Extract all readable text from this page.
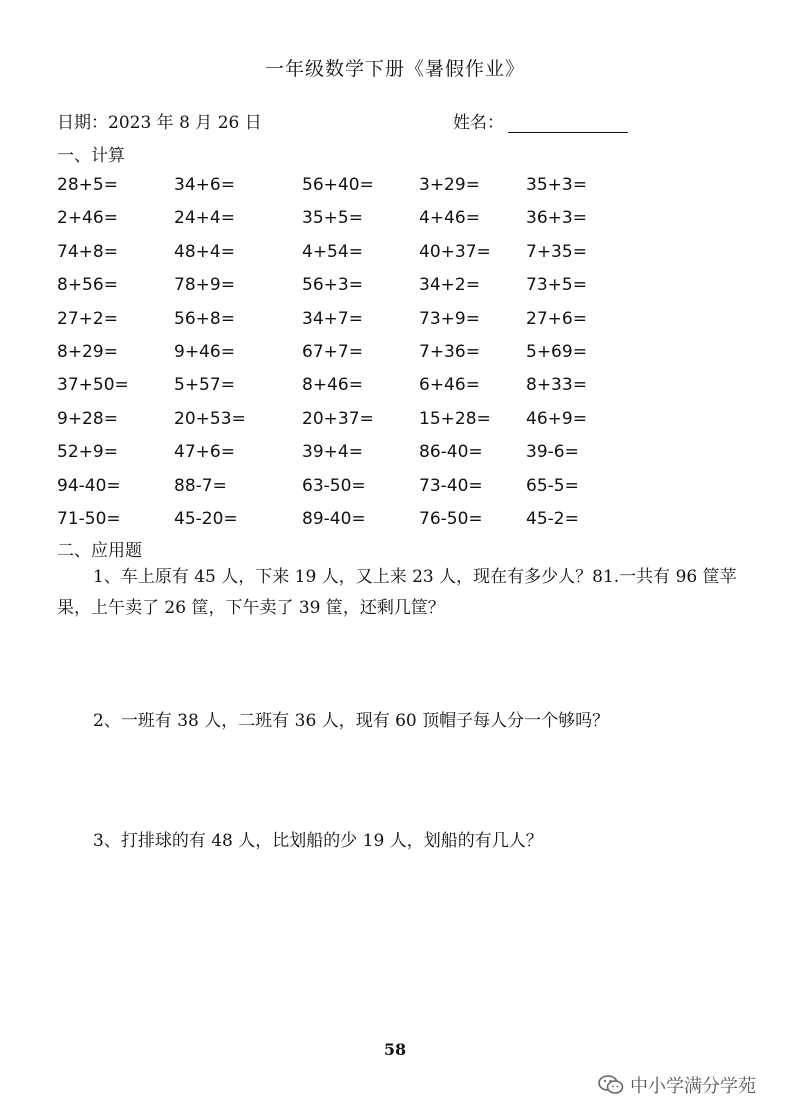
一年级数学下册《暑假作业》
日期：2023 年 8 月 26 日	姓名：
一、计算
28+5=	34+6=	56+40=	3+29=	35+3=
2+46=	24+4=	35+5=	4+46=	36+3=
74+8=	48+4=	4+54=	40+37= 7+35=
8+56=	78+9=	56+3=	34+2=	73+5=
27+2=	56+8=	34+7=	73+9=	27+6=
8+29=	9+46=	67+7=	7+36=	5+69=
37+50=	5+57=	8+46=	6+46=	8+33=
9+28=	20+53=	20+37=	15+28= 46+9=
52+9=	47+6=	39+4=	86-40=	39-6=
94-40=	88-7=	63-50=	73-40=	65-5=
71-50=	45-20=	89-40=	76-50=	45-2=
二、应用题
1、车上原有 45 人，下来 19 人，又上来 23 人，现在有多少人？81.一共有 96 筐苹果，上午卖了 26 筐，下午卖了 39 筐，还剩几筐？
2、一班有 38 人，二班有 36 人，现有 60 顶帽子每人分一个够吗？
3、打排球的有 48 人，比划船的少 19 人，划船的有几人？
58
中小学满分学苑
